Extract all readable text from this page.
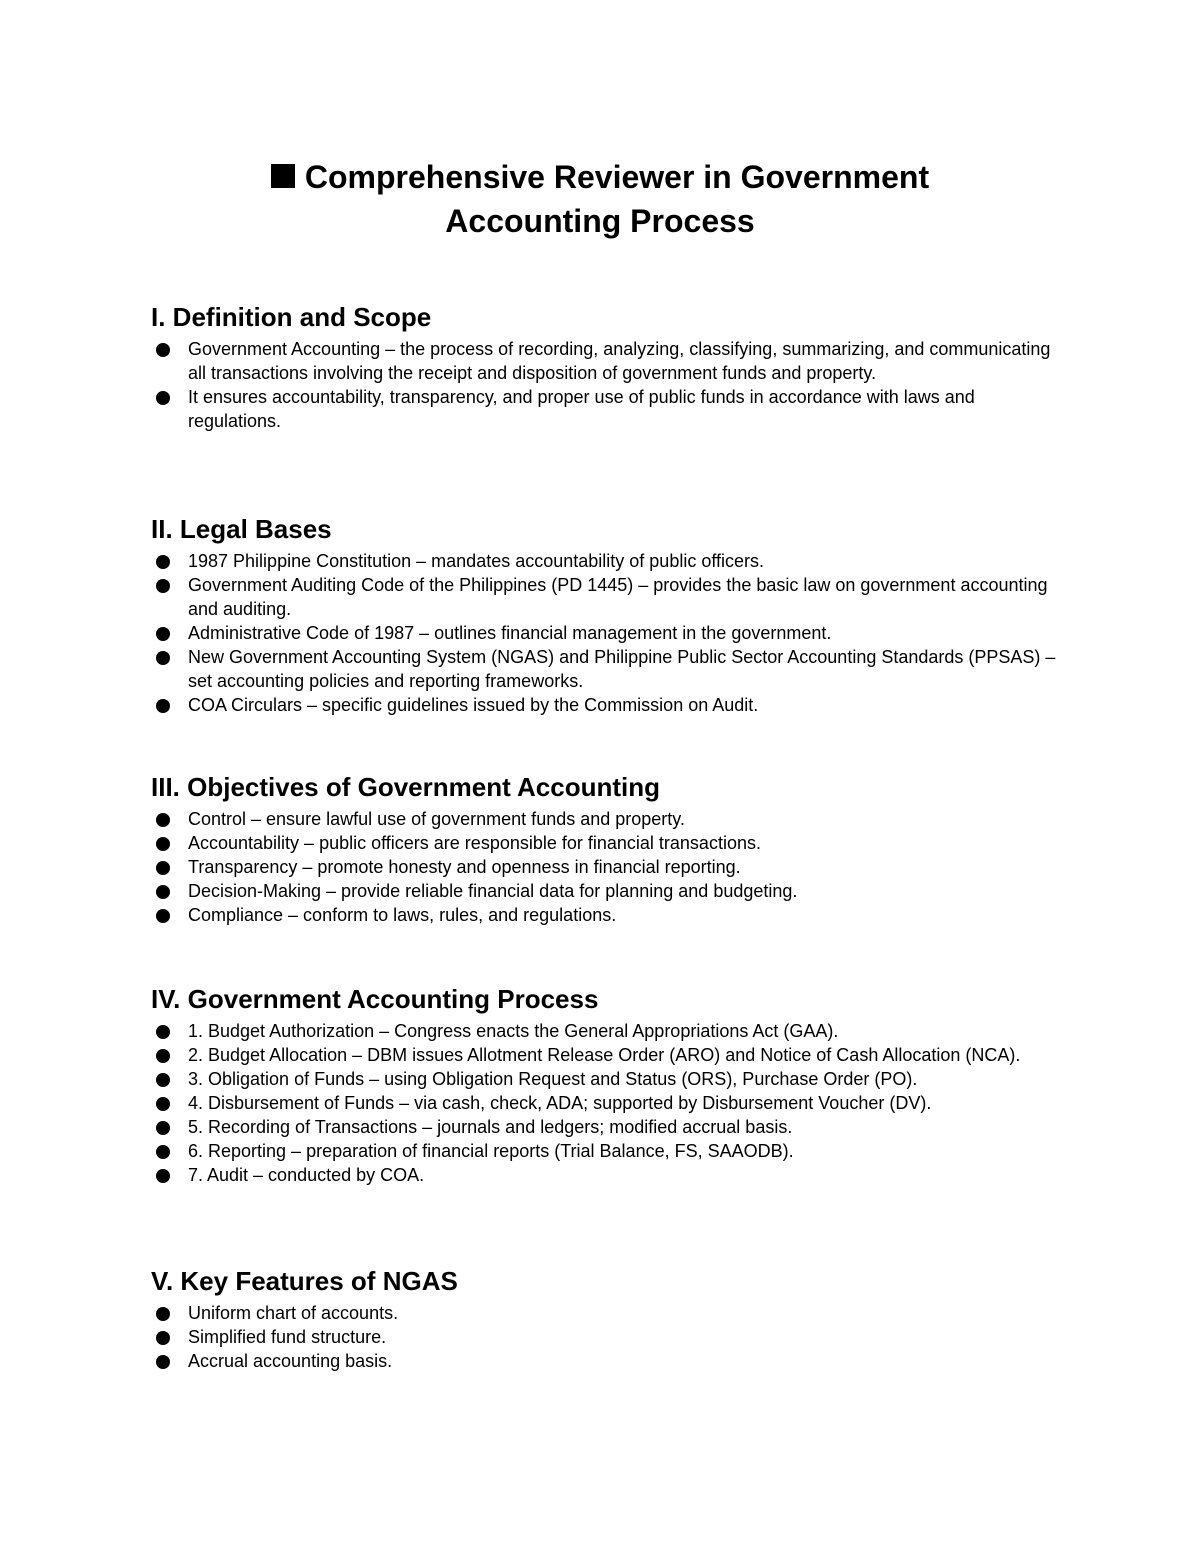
Comprehensive Reviewer in Government
Accounting Process
I. Definition and Scope
Government Accounting – the process of recording, analyzing, classifying, summarizing, and communicating all transactions involving the receipt and disposition of government funds and property.
It ensures accountability, transparency, and proper use of public funds in accordance with laws and regulations.
II. Legal Bases
1987 Philippine Constitution – mandates accountability of public officers.
Government Auditing Code of the Philippines (PD 1445) – provides the basic law on government accounting and auditing.
Administrative Code of 1987 – outlines financial management in the government.
New Government Accounting System (NGAS) and Philippine Public Sector Accounting Standards (PPSAS) – set accounting policies and reporting frameworks.
COA Circulars – specific guidelines issued by the Commission on Audit.
III. Objectives of Government Accounting
Control – ensure lawful use of government funds and property.
Accountability – public officers are responsible for financial transactions.
Transparency – promote honesty and openness in financial reporting.
Decision-Making – provide reliable financial data for planning and budgeting.
Compliance – conform to laws, rules, and regulations.
IV. Government Accounting Process
1. Budget Authorization – Congress enacts the General Appropriations Act (GAA).
2. Budget Allocation – DBM issues Allotment Release Order (ARO) and Notice of Cash Allocation (NCA).
3. Obligation of Funds – using Obligation Request and Status (ORS), Purchase Order (PO).
4. Disbursement of Funds – via cash, check, ADA; supported by Disbursement Voucher (DV).
5. Recording of Transactions – journals and ledgers; modified accrual basis.
6. Reporting – preparation of financial reports (Trial Balance, FS, SAAODB).
7. Audit – conducted by COA.
V. Key Features of NGAS
Uniform chart of accounts.
Simplified fund structure.
Accrual accounting basis.
